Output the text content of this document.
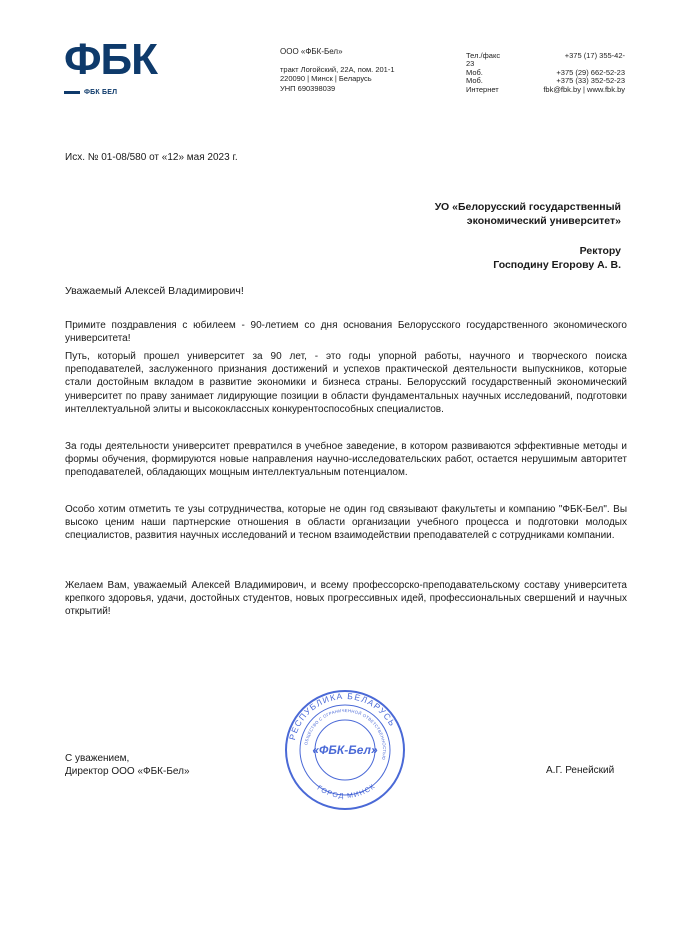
ФБК
ФБК БЕЛ
ООО «ФБК-Бел»
тракт Логойский, 22А, пом. 201-1
220090 | Минск | Беларусь
УНП 690398039
Тел./факс
23
Моб.
Моб.
Интернет
+375 (17) 355-42-
+375 (29) 662-52-23
+375 (33) 352-52-23
fbk@fbk.by | www.fbk.by
Исх. № 01-08/580 от «12» мая 2023 г.
УО «Белорусский государственный
экономический университет»
Ректору
Господину Егорову А. В.
Уважаемый Алексей Владимирович!
Примите поздравления с юбилеем - 90-летием со дня основания Белорусского государственного экономического университета!
Путь, который прошел университет за 90 лет, - это годы упорной работы, научного и творческого поиска преподавателей, заслуженного признания достижений и успехов практической деятельности выпускников, которые стали достойным вкладом в развитие экономики и бизнеса страны. Белорусский государственный экономический университет по праву занимает лидирующие позиции в области фундаментальных научных исследований, подготовки интеллектуальной элиты и высококлассных конкурентоспособных специалистов.
За годы деятельности университет превратился в учебное заведение, в котором развиваются эффективные методы и формы обучения, формируются новые направления научно-исследовательских работ, остается нерушимым авторитет преподавателей, обладающих мощным интеллектуальным потенциалом.
Особо хотим отметить те узы сотрудничества, которые не один год связывают факультеты и компанию "ФБК-Бел". Вы высоко ценим наши партнерские отношения в области организации учебного процесса и подготовки молодых специалистов, развития научных исследований и тесном взаимодействии преподавателей с сотрудниками компании.
Желаем Вам, уважаемый Алексей Владимирович, и всему профессорско-преподавательскому составу университета крепкого здоровья, удачи, достойных студентов, новых прогрессивных идей, профессиональных свершений и научных открытий!
С уважением,
Директор ООО «ФБК-Бел»	А.Г. Ренейский
РЕСПУБЛИКА БЕЛАРУСЬ
ОБЩЕСТВО С ОГРАНИЧЕННОЙ ОТВЕТСТВЕННОСТЬЮ
ГОРОД МИНСК
«ФБК-Бел»
